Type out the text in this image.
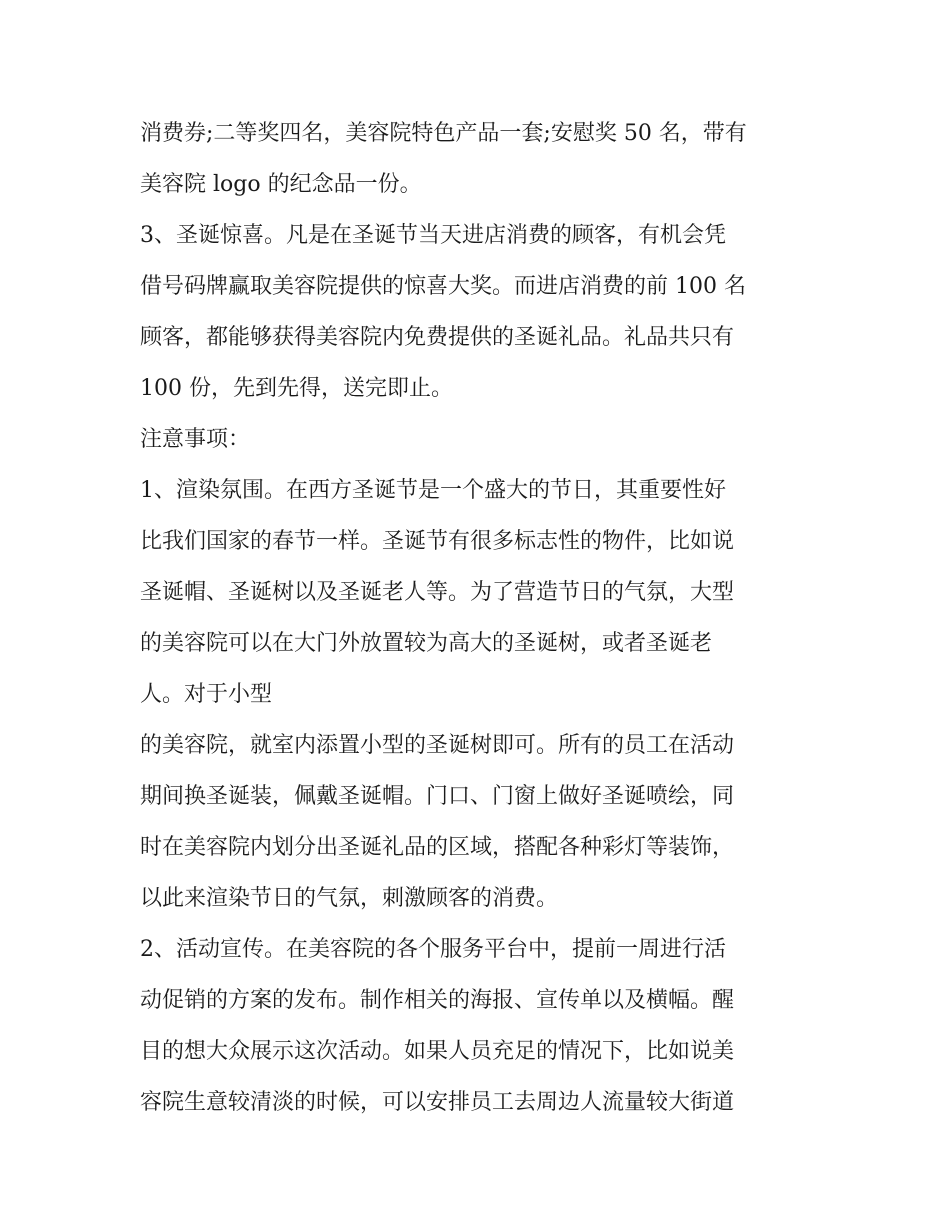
消费券;二等奖四名，美容院特色产品一套;安慰奖 50 名，带有
美容院 logo 的纪念品一份。
3、圣诞惊喜。凡是在圣诞节当天进店消费的顾客，有机会凭
借号码牌赢取美容院提供的惊喜大奖。而进店消费的前 100 名
顾客，都能够获得美容院内免费提供的圣诞礼品。礼品共只有
100 份，先到先得，送完即止。
注意事项：
1、渲染氛围。在西方圣诞节是一个盛大的节日，其重要性好
比我们国家的春节一样。圣诞节有很多标志性的物件，比如说
圣诞帽、圣诞树以及圣诞老人等。为了营造节日的气氛，大型
的美容院可以在大门外放置较为高大的圣诞树，或者圣诞老
人。对于小型
的美容院，就室内添置小型的圣诞树即可。所有的员工在活动
期间换圣诞装，佩戴圣诞帽。门口、门窗上做好圣诞喷绘，同
时在美容院内划分出圣诞礼品的区域，搭配各种彩灯等装饰，
以此来渲染节日的气氛，刺激顾客的消费。
2、活动宣传。在美容院的各个服务平台中，提前一周进行活
动促销的方案的发布。制作相关的海报、宣传单以及横幅。醒
目的想大众展示这次活动。如果人员充足的情况下，比如说美
容院生意较清淡的时候，可以安排员工去周边人流量较大街道
